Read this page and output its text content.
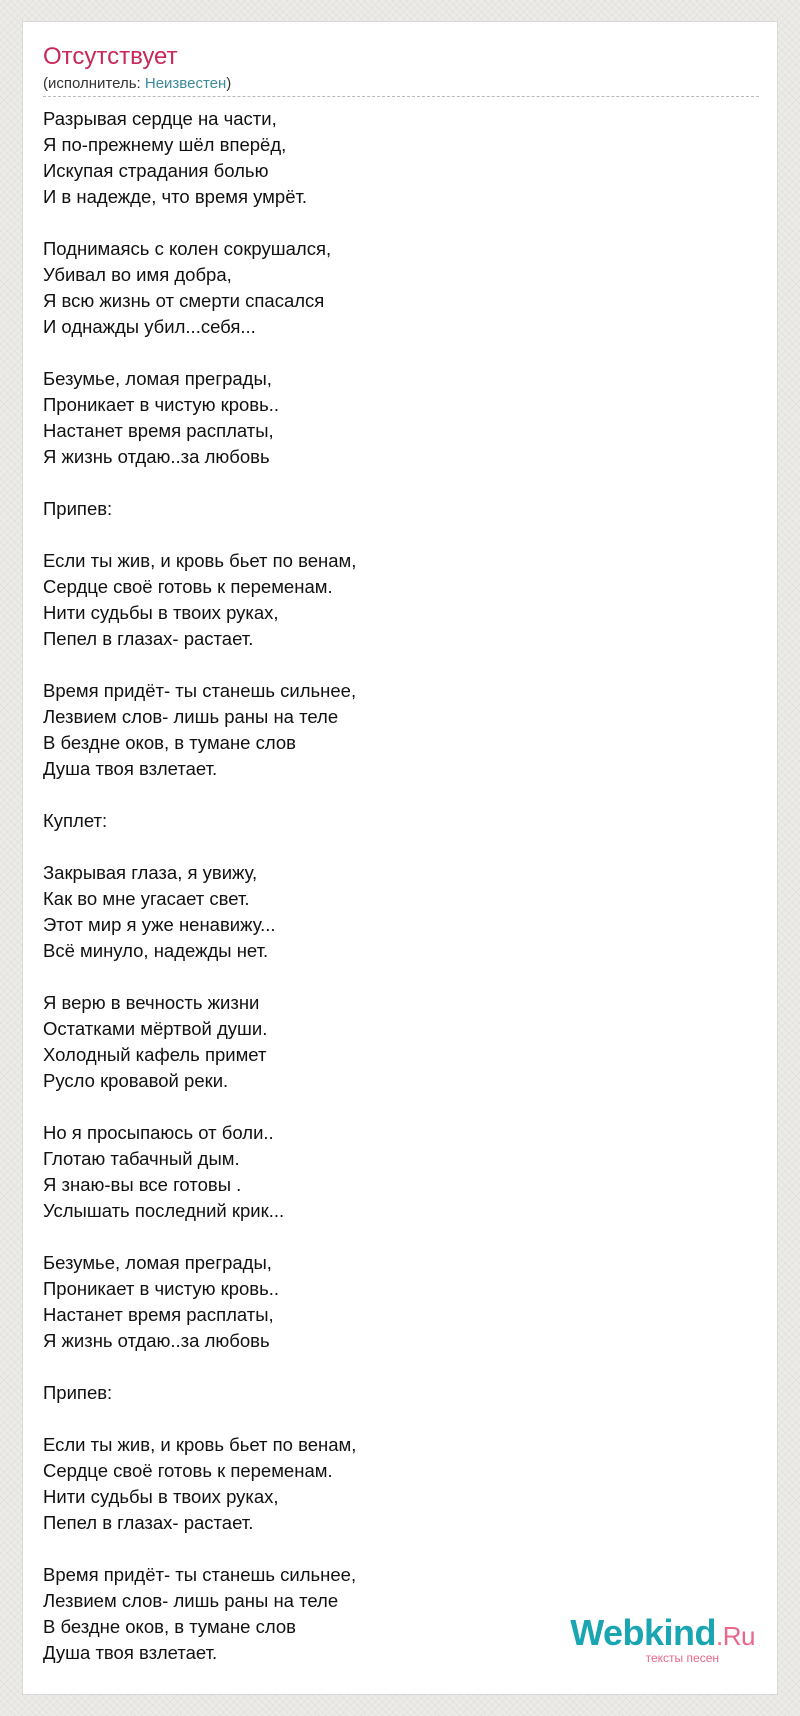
Отсутствует
(исполнитель: Неизвестен)
Разрывая сердце на части,
Я по-прежнему шёл вперёд,
Искупая страдания болью
И в надежде, что время умрёт.
Поднимаясь с колен сокрушался,
Убивал во имя добра,
Я всю жизнь от смерти спасался
И однажды убил...себя...
Безумье, ломая преграды,
Проникает в чистую кровь..
Настанет время расплаты,
Я жизнь отдаю..за любовь
Припев:
Если ты жив, и кровь бьет по венам,
Сердце своё готовь к переменам.
Нити судьбы в твоих руках,
Пепел в глазах- растает.
Время придёт- ты станешь сильнее,
Лезвием слов- лишь раны на теле
В бездне оков, в тумане слов
Душа твоя взлетает.
Куплет:
Закрывая глаза, я увижу,
Как во мне угасает свет.
Этот мир я уже ненавижу...
Всё минуло, надежды нет.
Я верю в вечность жизни
Остатками мёртвой души.
Холодный кафель примет
Русло кровавой реки.
Но я просыпаюсь от боли..
Глотаю табачный дым.
Я знаю-вы все готовы .
Услышать последний крик...
Безумье, ломая преграды,
Проникает в чистую кровь..
Настанет время расплаты,
Я жизнь отдаю..за любовь
Припев:
Если ты жив, и кровь бьет по венам,
Сердце своё готовь к переменам.
Нити судьбы в твоих руках,
Пепел в глазах- растает.
Время придёт- ты станешь сильнее,
Лезвием слов- лишь раны на теле
В бездне оков, в тумане слов
Душа твоя взлетает.	Webkind.Ru
тексты песен
